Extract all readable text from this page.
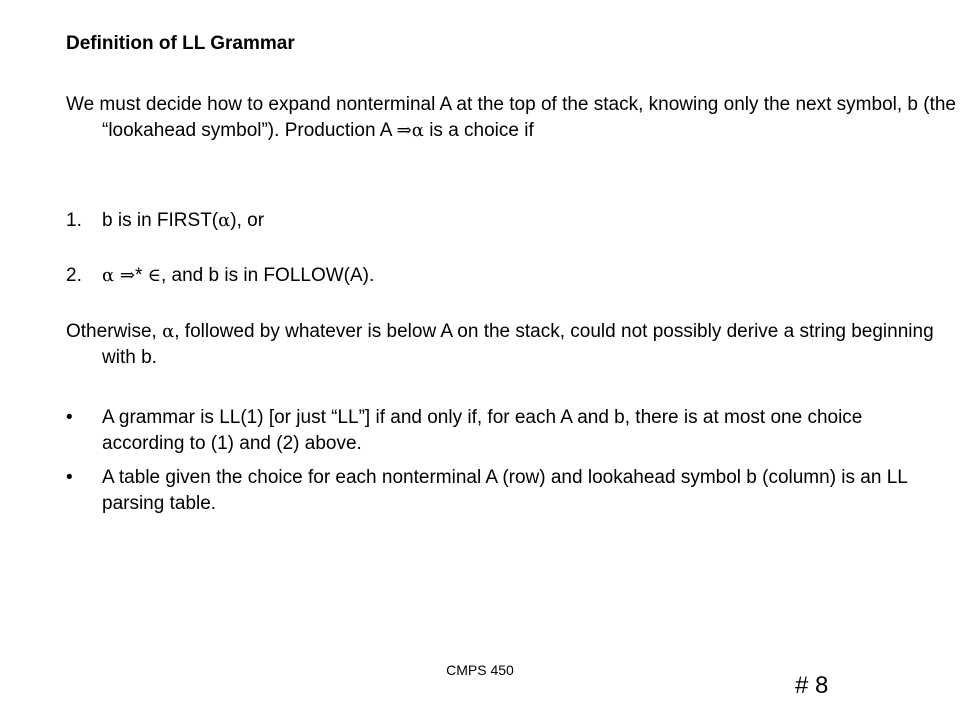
Definition of LL Grammar
We must decide how to expand nonterminal A at the top of the stack, knowing only the next symbol, b (the “lookahead symbol”). Production A ⇒α is a choice if
1. b is in FIRST(α), or
2. α ⇒* ∈, and b is in FOLLOW(A).
Otherwise, α, followed by whatever is below A on the stack, could not possibly derive a string beginning with b.
•	A grammar is LL(1) [or just “LL”] if and only if, for each A and b, there is at most one choice according to (1) and (2) above.
•	A table given the choice for each nonterminal A (row) and lookahead symbol b (column) is an LL parsing table.
CMPS 450
# 8
